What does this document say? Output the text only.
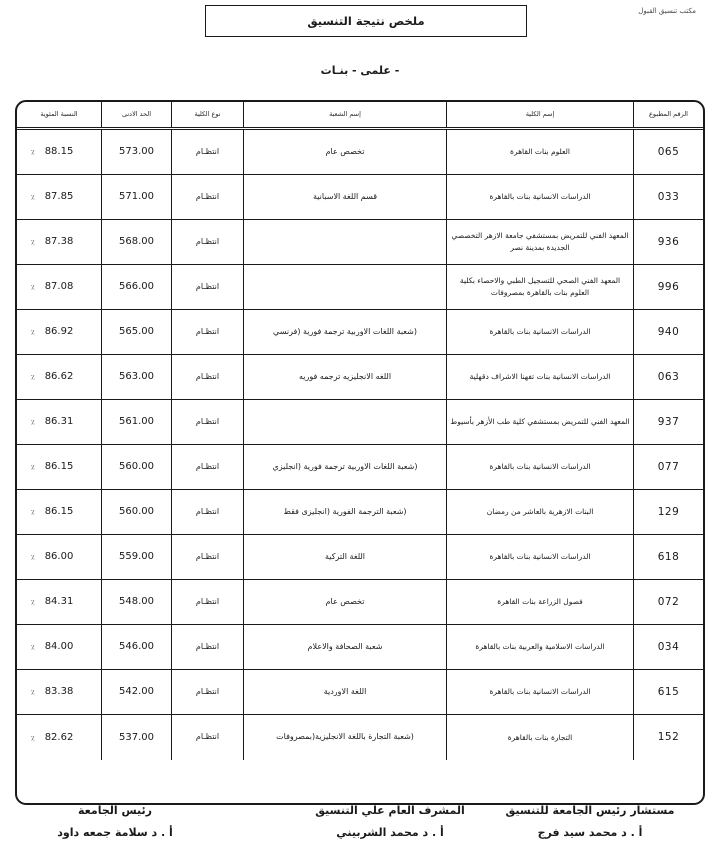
مكتب تنسيق القبول
ملخص نتيجة التنسيق
- علمى - بنـات
الرقم المطبوع
إسم الكلية
إسم الشعبة
نوع الكلية
الحد الادنى
النسبة المئوية
065
العلوم بنات القاهرة
تخصص عام
انتظـام
573.00
٪ 88.15
033
الدراسات الانسانية بنات بالقاهرة
قسم اللغة الاسبانية
انتظـام
571.00
٪ 87.85
936
المعهد الفني للتمريض بمستشفي جامعة الازهر التخصصي الجديدة بمدينة نصر
انتظـام
568.00
٪ 87.38
996
المعهد الفني الصحي للتسجيل الطبي والاحصاء بكلية العلوم بنات بالقاهرة بمصروفات
انتظـام
566.00
٪ 87.08
940
الدراسات الانسانية بنات بالقاهرة
(شعبة اللغات الاوربية ترجمة فورية (فرنسي
انتظـام
565.00
٪ 86.92
063
الدراسات الانسانية بنات تفهنا الاشراف دقهلية
اللغه الانجليزيه ترجمه فوريه
انتظـام
563.00
٪ 86.62
937
المعهد الفني للتمريض بمستشفي كلية طب الأزهر بأسيوط
انتظـام
561.00
٪ 86.31
077
الدراسات الانسانية بنات بالقاهرة
(شعبة اللغات الاوربية ترجمة فورية (انجليزي
انتظـام
560.00
٪ 86.15
129
البنات الازهرية بالعاشر من رمضان
(شعبة الترجمة الفورية (انجليزى فقط
انتظـام
560.00
٪ 86.15
618
الدراسات الانسانية بنات بالقاهرة
اللغة التركية
انتظـام
559.00
٪ 86.00
072
فصول الزراعة بنات القاهرة
تخصص عام
انتظـام
548.00
٪ 84.31
034
الدراسات الاسلامية والعربية بنات بالقاهرة
شعبة الصحافة والاعلام
انتظـام
546.00
٪ 84.00
615
الدراسات الانسانية بنات بالقاهرة
اللغة الاوردية
انتظـام
542.00
٪ 83.38
152
التجارة بنات بالقاهرة
(شعبة التجارة باللغة الانجليزية(بمصروفات
انتظـام
537.00
٪ 82.62
مستشار رئيس الجامعة للتنسيق
أ . د محمد سيد فرج
المشرف العام علي التنسيق
أ . د محمد الشربيني
رئيس الجامعة
أ . د سلامة جمعه داود
